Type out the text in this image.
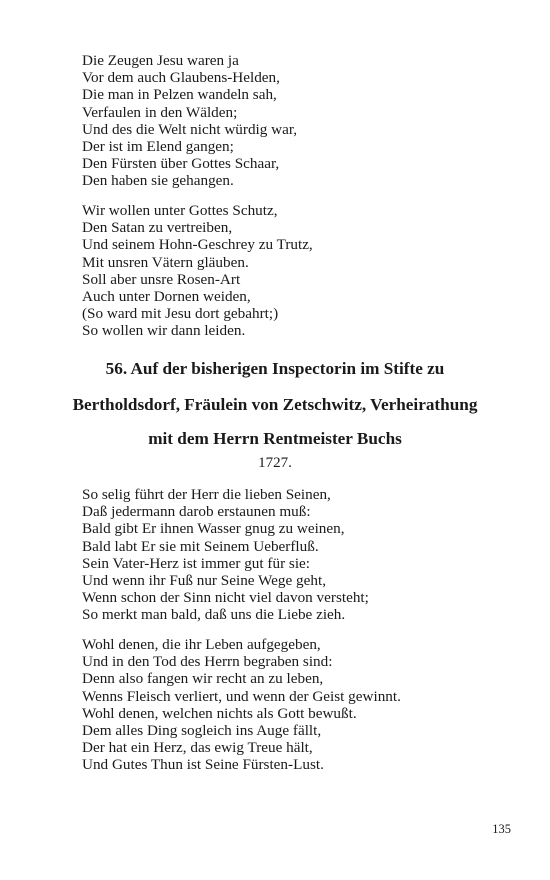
Die Zeugen Jesu waren ja
Vor dem auch Glaubens-Helden,
Die man in Pelzen wandeln sah,
Verfaulen in den Wälden;
Und des die Welt nicht würdig war,
Der ist im Elend gangen;
Den Fürsten über Gottes Schaar,
Den haben sie gehangen.
Wir wollen unter Gottes Schutz,
Den Satan zu vertreiben,
Und seinem Hohn-Geschrey zu Trutz,
Mit unsren Vätern gläuben.
Soll aber unsre Rosen-Art
Auch unter Dornen weiden,
(So ward mit Jesu dort gebahrt;)
So wollen wir dann leiden.
56. Auf der bisherigen Inspectorin im Stifte zu
Bertholdsdorf, Fräulein von Zetschwitz, Verheirathung
mit dem Herrn Rentmeister Buchs

1727.

So selig führt der Herr die lieben Seinen,
Daß jedermann darob erstaunen muß:
Bald gibt Er ihnen Wasser gnug zu weinen,
Bald labt Er sie mit Seinem Ueberfluß.
Sein Vater-Herz ist immer gut für sie:
Und wenn ihr Fuß nur Seine Wege geht,
Wenn schon der Sinn nicht viel davon versteht;
So merkt man bald, daß uns die Liebe zieh.
Wohl denen, die ihr Leben aufgegeben,
Und in den Tod des Herrn begraben sind:
Denn also fangen wir recht an zu leben,
Wenns Fleisch verliert, und wenn der Geist gewinnt.
Wohl denen, welchen nichts als Gott bewußt.
Dem alles Ding sogleich ins Auge fällt,
Der hat ein Herz, das ewig Treue hält,
Und Gutes Thun ist Seine Fürsten-Lust.
135
